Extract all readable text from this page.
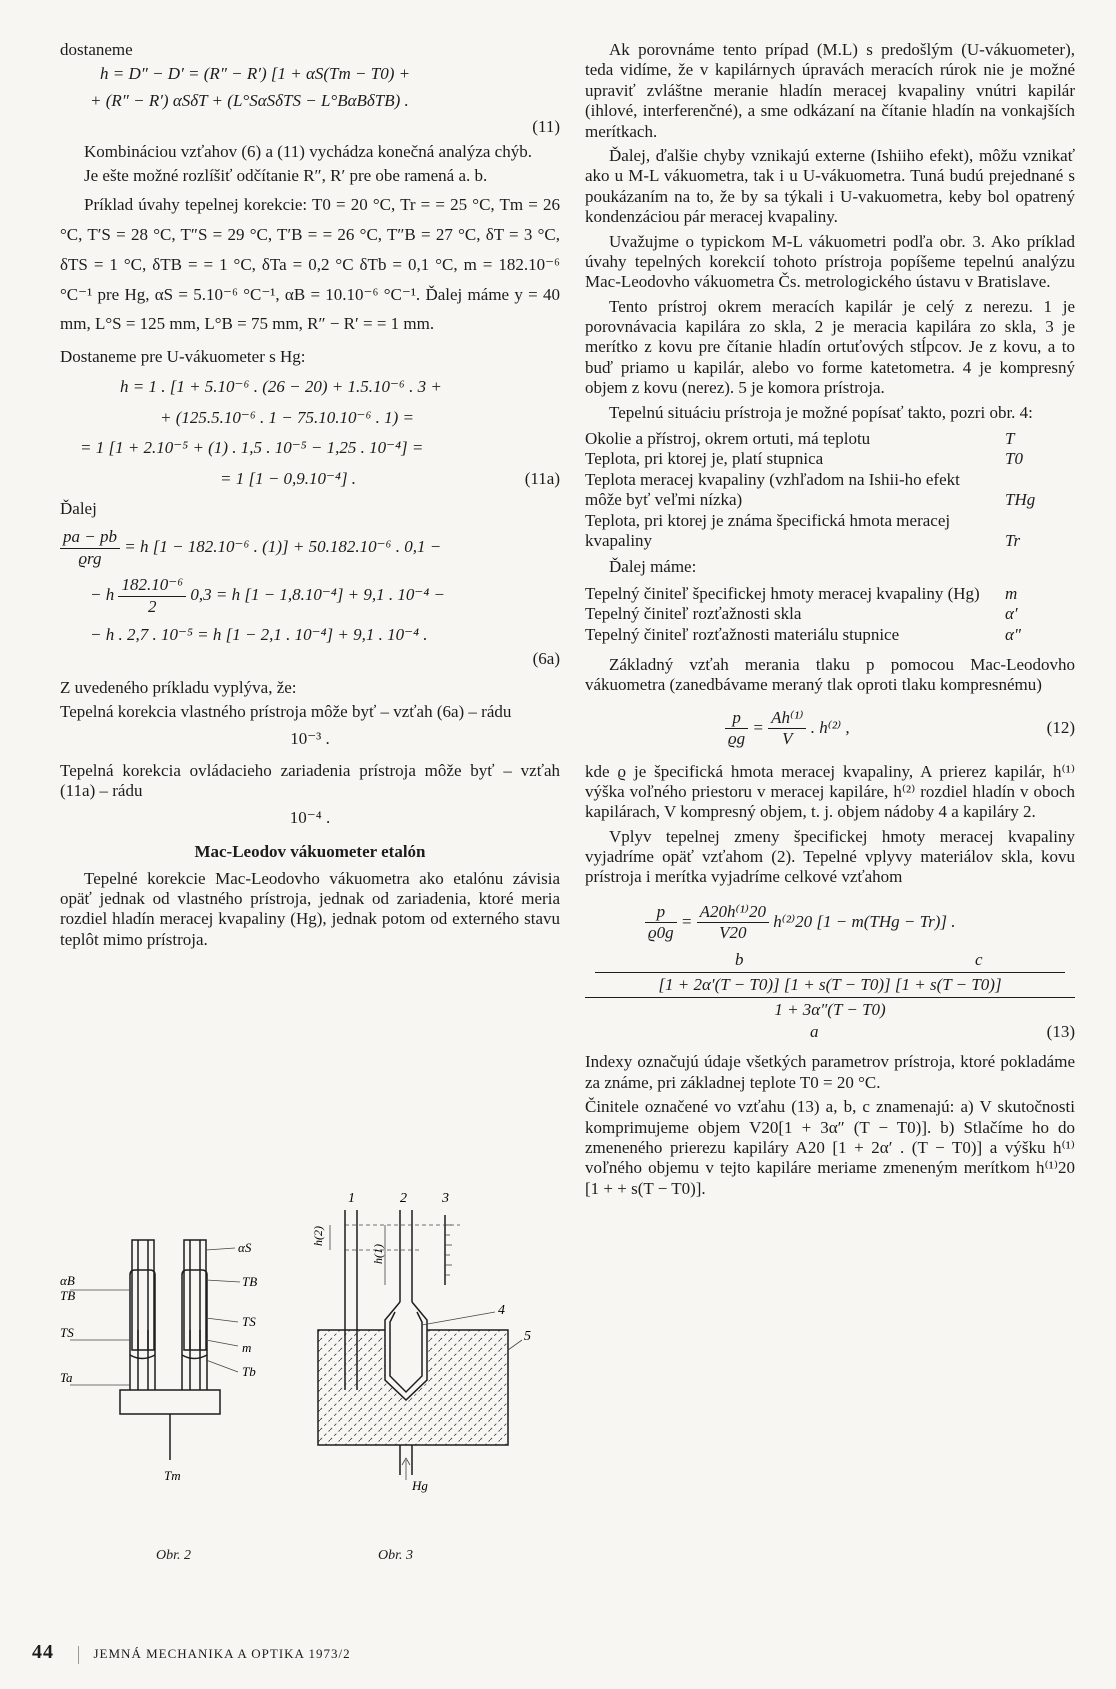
dostaneme

h = D″ − D′ = (R″ − R′) [1 + αS(Tm − T0) +
+ (R″ − R′) αSδT + (L°SαSδTS − L°BαBδTB) .
(11)

Kombináciou vzťahov (6) a (11) vychádza konečná analýza chýb.

Je ešte možné rozlíšiť odčítanie R″, R′ pre obe ramená a. b.

Príklad úvahy tepelnej korekcie: T0 = 20 °C, Tr = = 25 °C, Tm = 26 °C, T′S = 28 °C, T″S = 29 °C, T′B = = 26 °C, T″B = 27 °C, δT = 3 °C, δTS = 1 °C, δTB = = 1 °C, δTa = 0,2 °C δTb = 0,1 °C, m = 182.10⁻⁶ °C⁻¹ pre Hg, αS = 5.10⁻⁶ °C⁻¹, αB = 10.10⁻⁶ °C⁻¹. Ďalej máme y = 40 mm, L°S = 125 mm, L°B = 75 mm, R″ − R′ = = 1 mm.

Dostaneme pre U-vákuometer s Hg:

h = 1 . [1 + 5.10⁻⁶ . (26 − 20) + 1.5.10⁻⁶ . 3 +
+ (125.5.10⁻⁶ . 1 − 75.10.10⁻⁶ . 1) =
= 1 [1 + 2.10⁻⁵ + (1) . 1,5 . 10⁻⁵ − 1,25 . 10⁻⁴] =
= 1 [1 − 0,9.10⁻⁴] .	(11a)

Ďalej

$\frac{pa - pb}{\text{ϱrg}} = h$ [1 − 182.10⁻⁶ . (1)] + 50.182.10⁻⁶ . 0,1 −
− h $\frac{\text{182.10⁻⁶}}{2} 0,3 = h$ [1 − 1,8.10⁻⁴] + 9,1 . 10⁻⁴ −
− h . 2,7 . 10⁻⁵ = h [1 − 2,1 . 10⁻⁴] + 9,1 . 10⁻⁴ .
(6a)

Z uvedeného príkladu vyplýva, že:

Tepelná korekcia vlastného prístroja môže byť – vzťah (6a) – rádu

10⁻³ .

Tepelná korekcia ovládacieho zariadenia prístroja môže byť – vzťah (11a) – rádu

10⁻⁴ .
Mac-Leodov vákuometer etalón

Tepelné korekcie Mac-Leodovho vákuometra ako etalónu závisia opäť jednak od vlastného prístroja, jednak od zariadenia, ktoré meria rozdiel hladín meracej kvapaliny (Hg), jednak potom od externého stavu teplôt mimo prístroja.

αS
TB
αB
TB
TS
Ta
TS
m
Tb
Tm
1	2	3
4
5
h(2)
h(1)
Hg
Obr. 2	Obr. 3

Ak porovnáme tento prípad (M.L) s predošlým (U-vákuometer), teda vidíme, že v kapilárnych úpravách meracích rúrok nie je možné upraviť zvláštne meranie hladín meracej kvapaliny vnútri kapilár (ihlové, interferenčné), a sme odkázaní na čítanie hladín na vonkajších merítkach.

Ďalej, ďalšie chyby vznikajú externe (Ishiiho efekt), môžu vznikať ako u M-L vákuometra, tak i u U-vákuometra. Tuná budú prejednané s poukázaním na to, že by sa týkali i U-vakuometra, keby bol opatrený kondenzáciou pár meracej kvapaliny.

Uvažujme o typickom M-L vákuometri podľa obr. 3. Ako príklad úvahy tepelných korekcií tohoto prístroja popíšeme tepelnú analýzu Mac-Leodovho vákuometra Čs. metrologického ústavu v Bratislave.

Tento prístroj okrem meracích kapilár je celý z nerezu. 1 je porovnávacia kapilára zo skla, 2 je meracia kapilára zo skla, 3 je merítko z kovu pre čítanie hladín ortuťových stĺpcov. Je z kovu, a to buď priamo u kapilár, alebo vo forme katetometra. 4 je kompresný objem z kovu (nerez). 5 je komora prístroja.

Tepelnú situáciu prístroja je možné popísať takto, pozri obr. 4:

Okolie a přístroj, okrem ortuti, má teplotu	T
Teplota, pri ktorej je, platí stupnica	T0
Teplota meracej kvapaliny (vzhľadom na Ishii-ho efekt môže byť veľmi nízka)	THg
Teplota, pri ktorej je známa špecifická hmota meracej kvapaliny	Tr

Ďalej máme:

Tepelný činiteľ špecifickej hmoty meracej kvapaliny (Hg)	m
Tepelný činiteľ rozťažnosti skla	α′
Tepelný činiteľ rozťažnosti materiálu stupnice	α″

Základný vzťah merania tlaku p pomocou Mac-Leodovho vákuometra (zanedbávame meraný tlak oproti tlaku kompresnému)

$\frac{p}{ϱg} = \frac{\text{Ah⁽¹⁾}}{V}$ . h⁽²⁾ ,	(12)

kde ϱ je špecifická hmota meracej kvapaliny, A prierez kapilár, h⁽¹⁾ výška voľného priestoru v meracej kapiláre, h⁽²⁾ rozdiel hladín v oboch kapilárach, V kompresný objem, t. j. objem nádoby 4 a kapiláry 2.

Vplyv tepelnej zmeny špecifickej hmoty meracej kvapaliny vyjadríme opäť vzťahom (2). Tepelné vplyvy materiálov skla, kovu prístroja i merítka vyjadríme celkové vzťahom

$\frac{p}{ϱ0g} = \frac{\text{A20h⁽¹⁾20}}{V20} h^{(2)}20$ [1 − m(THg − Tr)] .
b	c
[1 + 2α′(T − T0)] [1 + s(T − T0)] [1 + s(T − T0)]
1 + 3α″(T − T0)
a	(13)

Indexy označujú údaje všetkých parametrov prístroja, ktoré pokladáme za známe, pri základnej teplote T0 = 20 °C.

Činitele označené vo vzťahu (13) a, b, c znamenajú: a) V skutočnosti komprimujeme objem V20[1 + 3α″ (T − T0)]. b) Stlačíme ho do zmeneného prierezu kapiláry A20 [1 + 2α′ . (T − T0)] a výšku h⁽¹⁾ voľného objemu v tejto kapiláre meriame zmeneným merítkom h⁽¹⁾20 [1 + + s(T − T0)].

44	JEMNÁ MECHANIKA A OPTIKA 1973/2
